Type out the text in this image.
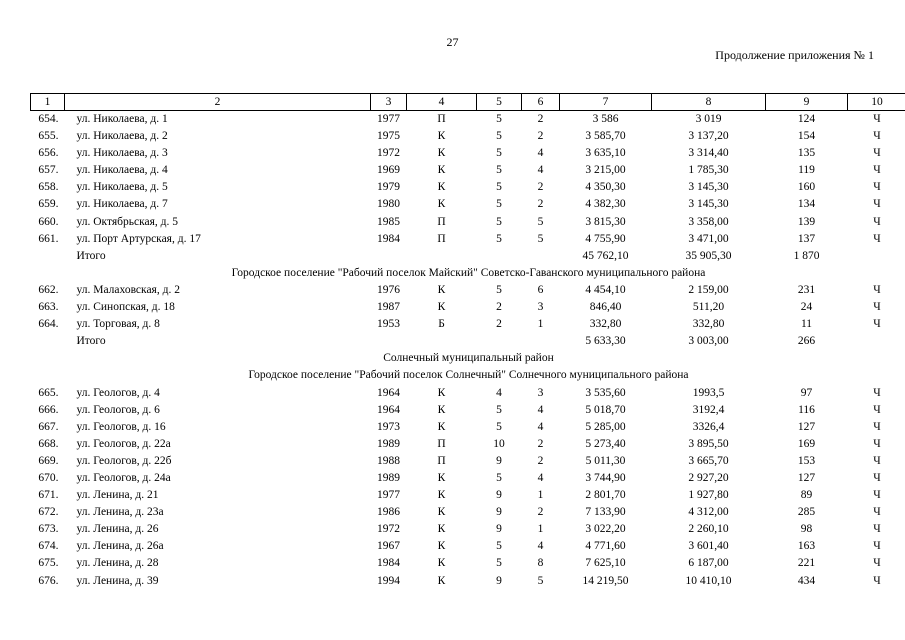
27
Продолжение приложения № 1
1	2	3	4	5	6	7	8	9	10
654.	ул. Николаева, д. 1	1977	П	5	2	3 586	3 019	124	Ч
655.	ул. Николаева, д. 2	1975	К	5	2	3 585,70	3 137,20	154	Ч
656.	ул. Николаева, д. 3	1972	К	5	4	3 635,10	3 314,40	135	Ч
657.	ул. Николаева, д. 4	1969	К	5	4	3 215,00	1 785,30	119	Ч
658.	ул. Николаева, д. 5	1979	К	5	2	4 350,30	3 145,30	160	Ч
659.	ул. Николаева, д. 7	1980	К	5	2	4 382,30	3 145,30	134	Ч
660.	ул. Октябрьская, д. 5	1985	П	5	5	3 815,30	3 358,00	139	Ч
661.	ул. Порт Артурская, д. 17	1984	П	5	5	4 755,90	3 471,00	137	Ч
	Итого					45 762,10	35 905,30	1 870	
Городское поселение "Рабочий поселок Майский" Советско-Гаванского муниципального района									
662.	ул. Малаховская, д. 2	1976	К	5	6	4 454,10	2 159,00	231	Ч
663.	ул. Синопская, д. 18	1987	К	2	3	846,40	511,20	24	Ч
664.	ул. Торговая, д. 8	1953	Б	2	1	332,80	332,80	11	Ч
	Итого					5 633,30	3 003,00	266	
Солнечный муниципальный район									
Городское поселение "Рабочий поселок Солнечный" Солнечного муниципального района									
665.	ул. Геологов, д. 4	1964	К	4	3	3 535,60	1993,5	97	Ч
666.	ул. Геологов, д. 6	1964	К	5	4	5 018,70	3192,4	116	Ч
667.	ул. Геологов, д. 16	1973	К	5	4	5 285,00	3326,4	127	Ч
668.	ул. Геологов, д. 22а	1989	П	10	2	5 273,40	3 895,50	169	Ч
669.	ул. Геологов, д. 22б	1988	П	9	2	5 011,30	3 665,70	153	Ч
670.	ул. Геологов, д. 24а	1989	К	5	4	3 744,90	2 927,20	127	Ч
671.	ул. Ленина, д. 21	1977	К	9	1	2 801,70	1 927,80	89	Ч
672.	ул. Ленина, д. 23а	1986	К	9	2	7 133,90	4 312,00	285	Ч
673.	ул. Ленина, д. 26	1972	К	9	1	3 022,20	2 260,10	98	Ч
674.	ул. Ленина, д. 26а	1967	К	5	4	4 771,60	3 601,40	163	Ч
675.	ул. Ленина, д. 28	1984	К	5	8	7 625,10	6 187,00	221	Ч
676.	ул. Ленина, д. 39	1994	К	9	5	14 219,50	10 410,10	434	Ч
